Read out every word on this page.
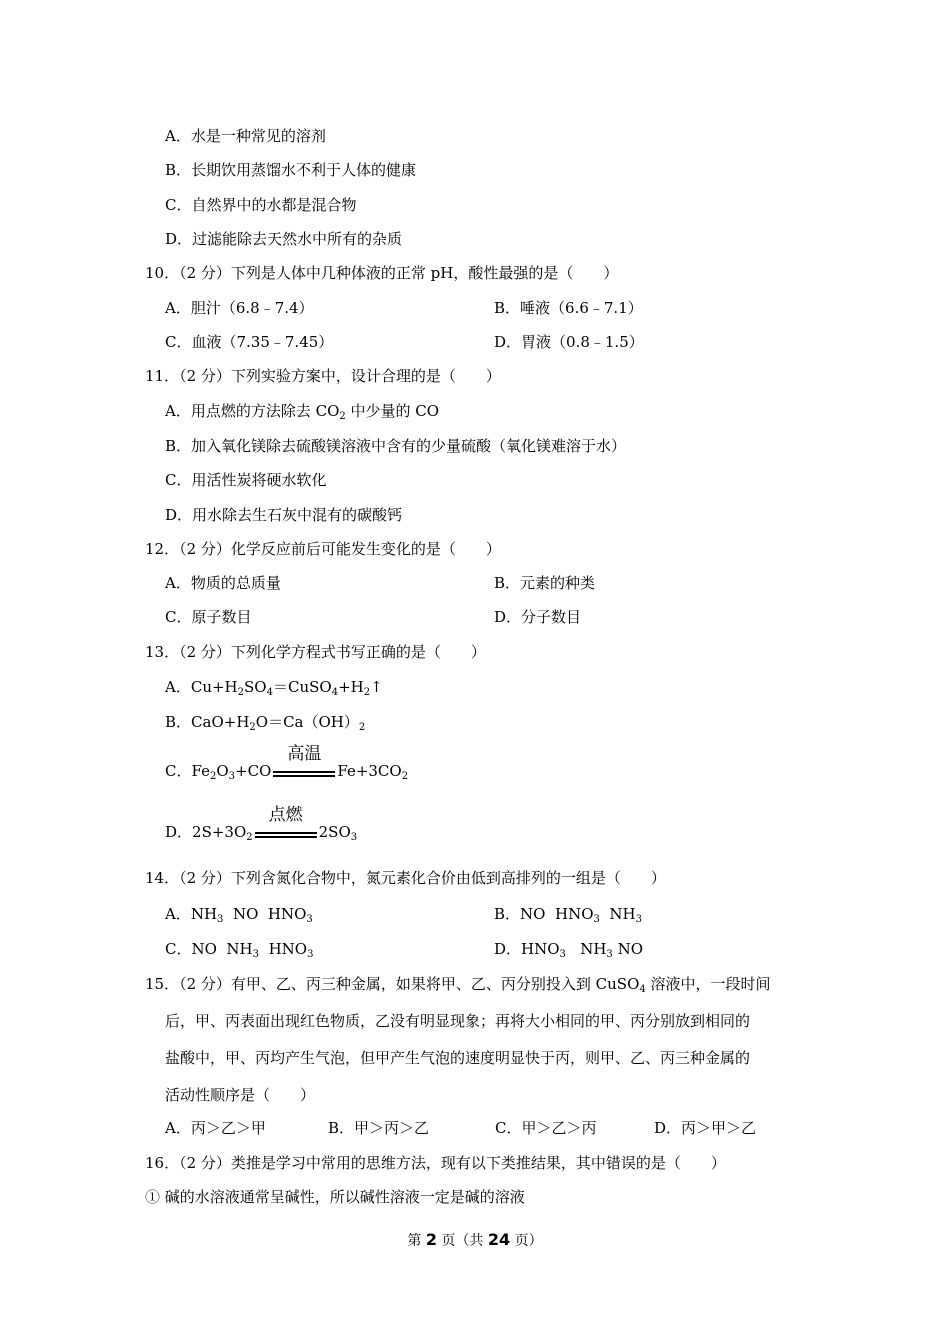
A．水是一种常见的溶剂
B．长期饮用蒸馏水不利于人体的健康
C．自然界中的水都是混合物
D．过滤能除去天然水中所有的杂质
10．（2 分）下列是人体中几种体液的正常 pH，酸性最强的是（　　）
A．胆汁（6.8﹣7.4）	B．唾液（6.6﹣7.1）
C．血液（7.35﹣7.45）	D．胃液（0.8﹣1.5）
11．（2 分）下列实验方案中，设计合理的是（　　）
A．用点燃的方法除去 $CO_2$ 中少量的 CO
B．加入氧化镁除去硫酸镁溶液中含有的少量硫酸（氧化镁难溶于水）
C．用活性炭将硬水软化
D．用水除去生石灰中混有的碳酸钙
12．（2 分）化学反应前后可能发生变化的是（　　）
A．物质的总质量	B．元素的种类
C．原子数目	D．分子数目
13．（2 分）下列化学方程式书写正确的是（　　）
A．$Cu+H_2SO_4=CuSO_4+H_2↑$
B．$CaO+H_2O=Ca(OH)_2$
C．$Fe_2O_3+CO$
高温
$Fe+3CO_2$
D．$2S+3O_2$
点燃
$2SO_3$
14．（2 分）下列含氮化合物中，氮元素化合价由低到高排列的一组是（　　）
A．$NH_3$  NO  $HNO_3$	B．NO  $HNO_3$  $NH_3$
C．NO  $NH_3$  $HNO_3$	D．$HNO_3$   $NH_3$ NO
15．（2 分）有甲、乙、丙三种金属，如果将甲、乙、丙分别投入到 CuSO$_4$ 溶液中，一段时间
后，甲、丙表面出现红色物质，乙没有明显现象；再将大小相同的甲、丙分别放到相同的
盐酸中，甲、丙均产生气泡，但甲产生气泡的速度明显快于丙，则甲、乙、丙三种金属的
活动性顺序是（　　）
A．丙＞乙＞甲	B．甲＞丙＞乙	C．甲＞乙＞丙	D．丙＞甲＞乙
16．（2 分）类推是学习中常用的思维方法，现有以下类推结果，其中错误的是（　　）
① 碱的水溶液通常呈碱性，所以碱性溶液一定是碱的溶液
第 2 页（共 24 页）
